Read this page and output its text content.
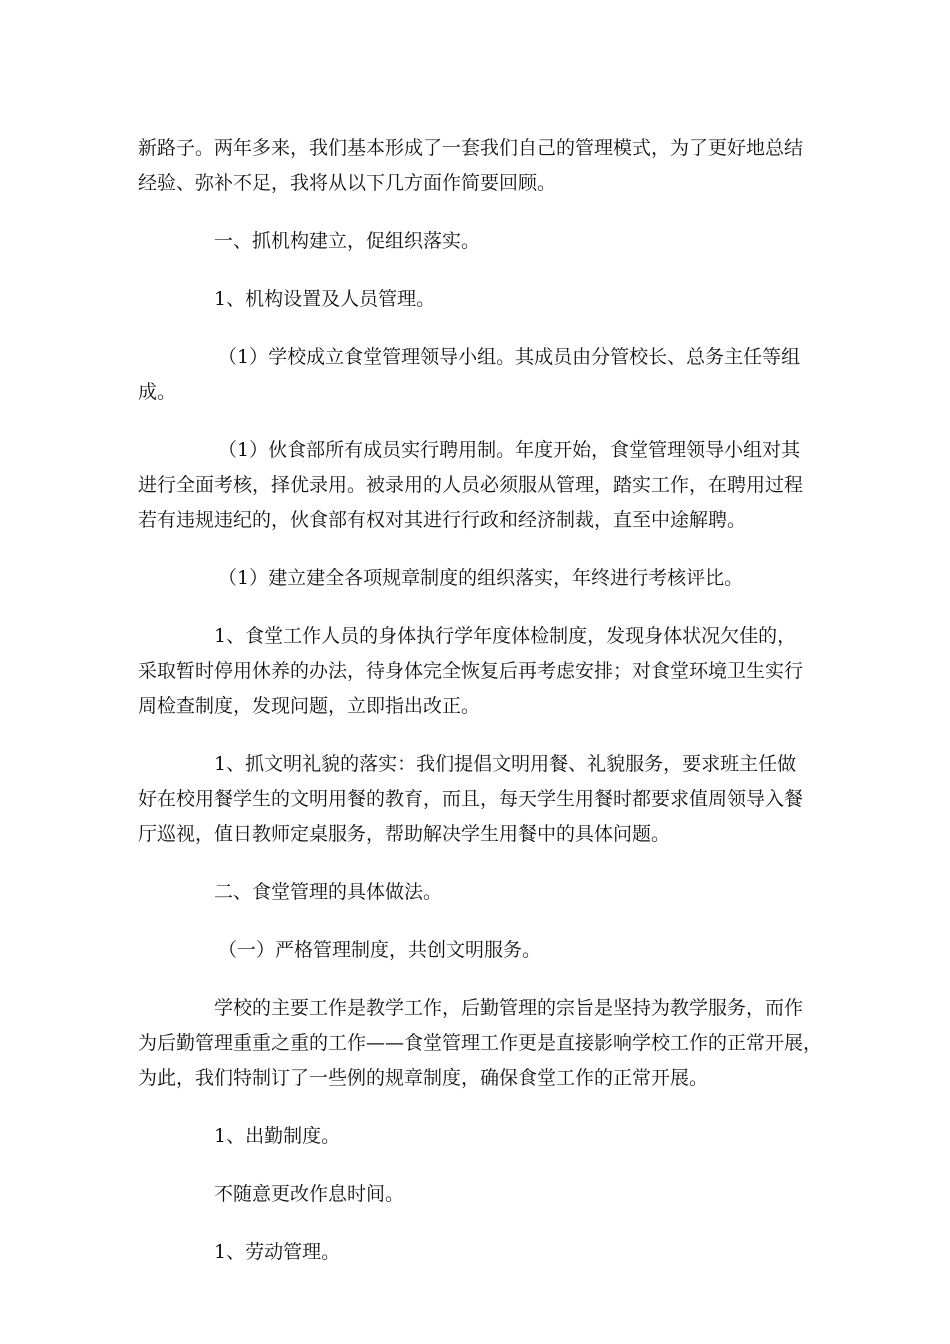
新路子。两年多来，我们基本形成了一套我们自己的管理模式，为了更好地总结
经验、弥补不足，我将从以下几方面作简要回顾。
一、抓机构建立，促组织落实。
1、机构设置及人员管理。
（1）学校成立食堂管理领导小组。其成员由分管校长、总务主任等组
成。
（1）伙食部所有成员实行聘用制。年度开始，食堂管理领导小组对其
进行全面考核，择优录用。被录用的人员必须服从管理，踏实工作，在聘用过程
若有违规违纪的，伙食部有权对其进行行政和经济制裁，直至中途解聘。
（1）建立建全各项规章制度的组织落实，年终进行考核评比。
1、食堂工作人员的身体执行学年度体检制度，发现身体状况欠佳的，
采取暂时停用休养的办法，待身体完全恢复后再考虑安排；对食堂环境卫生实行
周检查制度，发现问题，立即指出改正。
1、抓文明礼貌的落实：我们提倡文明用餐、礼貌服务，要求班主任做
好在校用餐学生的文明用餐的教育，而且，每天学生用餐时都要求值周领导入餐
厅巡视，值日教师定桌服务，帮助解决学生用餐中的具体问题。
二、食堂管理的具体做法。
（一）严格管理制度，共创文明服务。
学校的主要工作是教学工作，后勤管理的宗旨是坚持为教学服务，而作
为后勤管理重重之重的工作——食堂管理工作更是直接影响学校工作的正常开展，
为此，我们特制订了一些例的规章制度，确保食堂工作的正常开展。
1、出勤制度。
不随意更改作息时间。
1、劳动管理。
